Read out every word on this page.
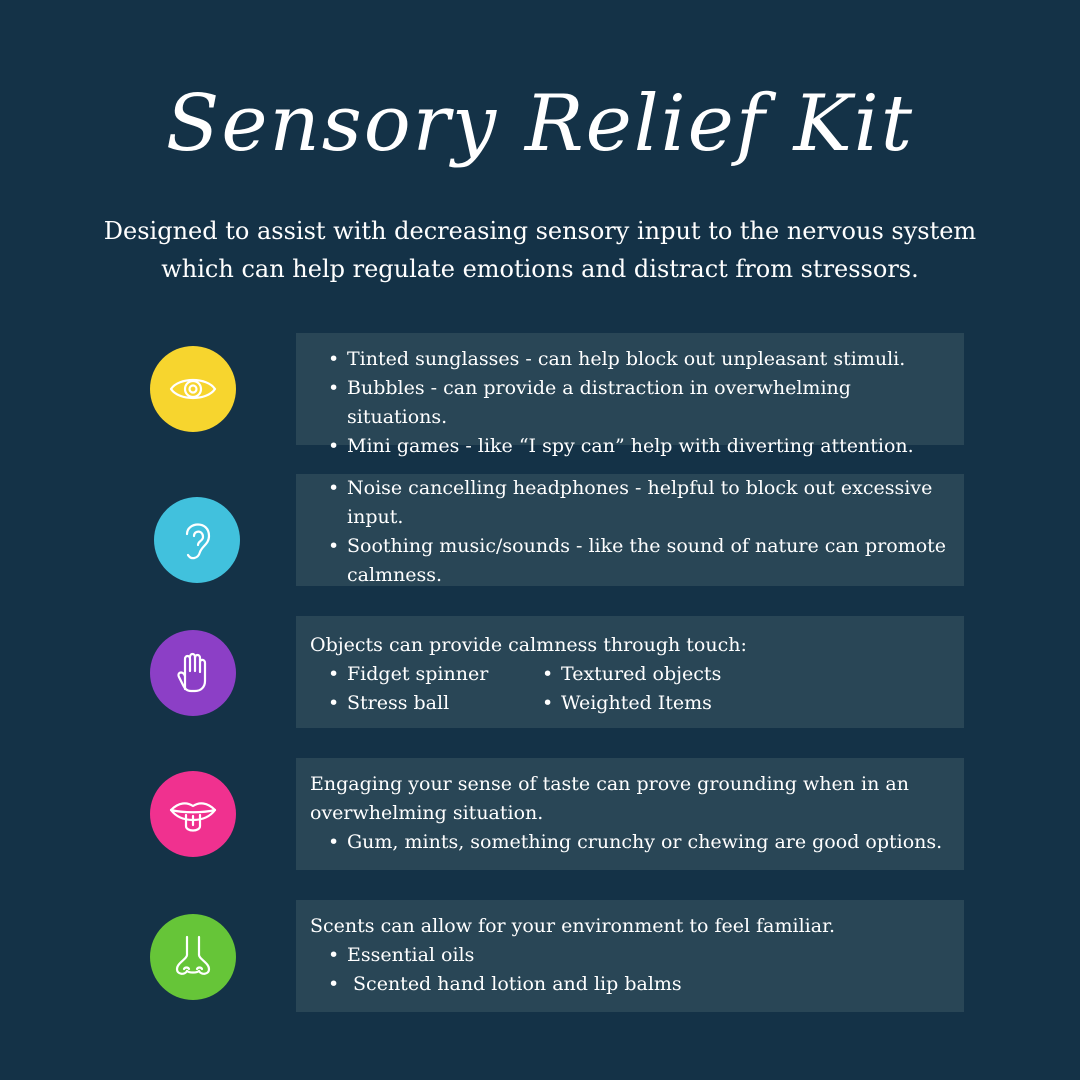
Sensory Relief Kit
Designed to assist with decreasing sensory input to the nervous system
which can help regulate emotions and distract from stressors.
• Tinted sunglasses - can help block out unpleasant stimuli.
• Bubbles - can provide a distraction in overwhelming situations.
• Mini games - like “I spy can” help with diverting attention.
• Noise cancelling headphones - helpful to block out excessive input.
• Soothing music/sounds - like the sound of nature can promote calmness.

Objects can provide calmness through touch:

• Fidget spinner
• Stress ball
• Textured objects
• Weighted Items

Engaging your sense of taste can prove grounding when in an overwhelming situation.

• Gum, mints, something crunchy or chewing are good options.

Scents can allow for your environment to feel familiar.

• Essential oils
•  Scented hand lotion and lip balms
